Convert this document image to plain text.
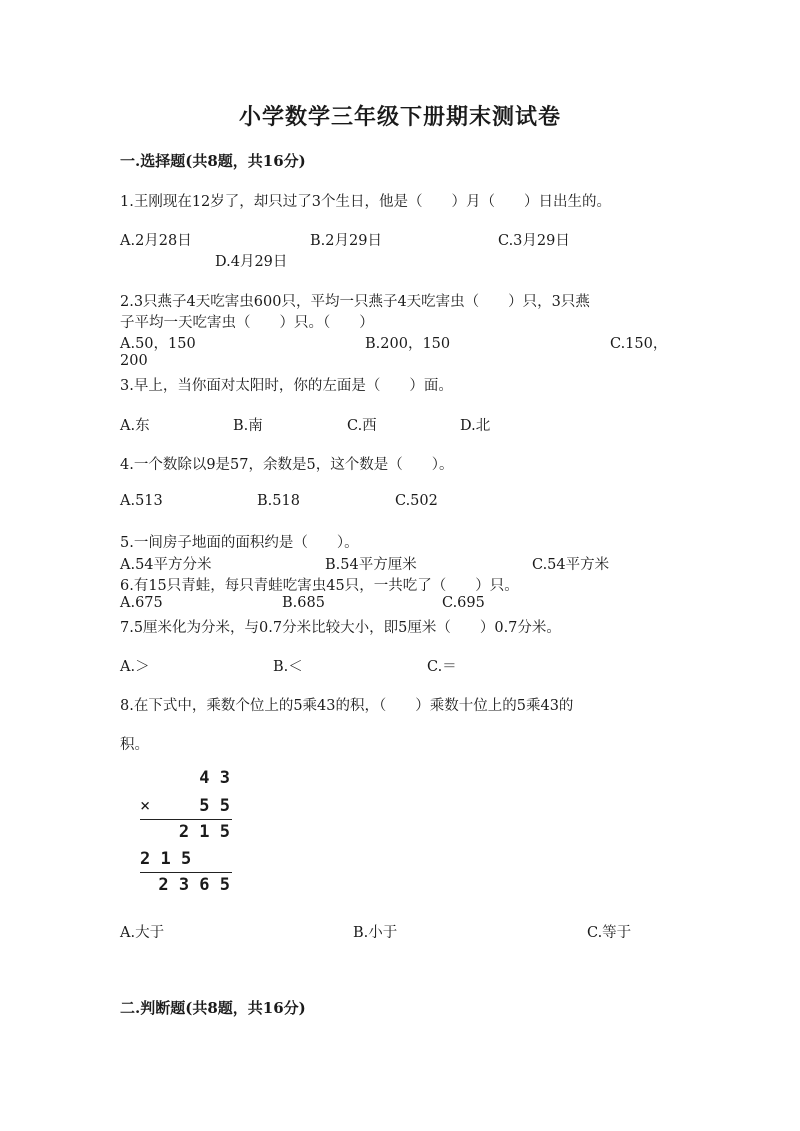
小学数学三年级下册期末测试卷
一.选择题(共8题，共16分)
1.王刚现在12岁了，却只过了3个生日，他是（　　）月（　　）日出生的。
A.2月28日	B.2月29日	C.3月29日
D.4月29日
2.3只燕子4天吃害虫600只，平均一只燕子4天吃害虫（　　）只，3只燕
子平均一天吃害虫（　　）只。（　　）
A.50，150	B.200，150	C.150，
200
3.早上，当你面对太阳时，你的左面是（　　）面。
A.东	B.南	C.西	D.北
4.一个数除以9是57，余数是5，这个数是（　　）。
A.513	B.518	C.502
5.一间房子地面的面积约是（　　）。
A.54平方分米	B.54平方厘米	C.54平方米
6.有15只青蛙，每只青蛙吃害虫45只，一共吃了（　　）只。
A.675	B.685	C.695
7.5厘米化为分米，与0.7分米比较大小，即5厘米（　　）0.7分米。
A.＞	B.＜	C.＝
8.在下式中，乘数个位上的5乘43的积，（　　）乘数十位上的5乘43的
积。
4 3
×	5 5
2 1 5
2 1 5
2 3 6 5
A.大于	B.小于	C.等于
二.判断题(共8题，共16分)
